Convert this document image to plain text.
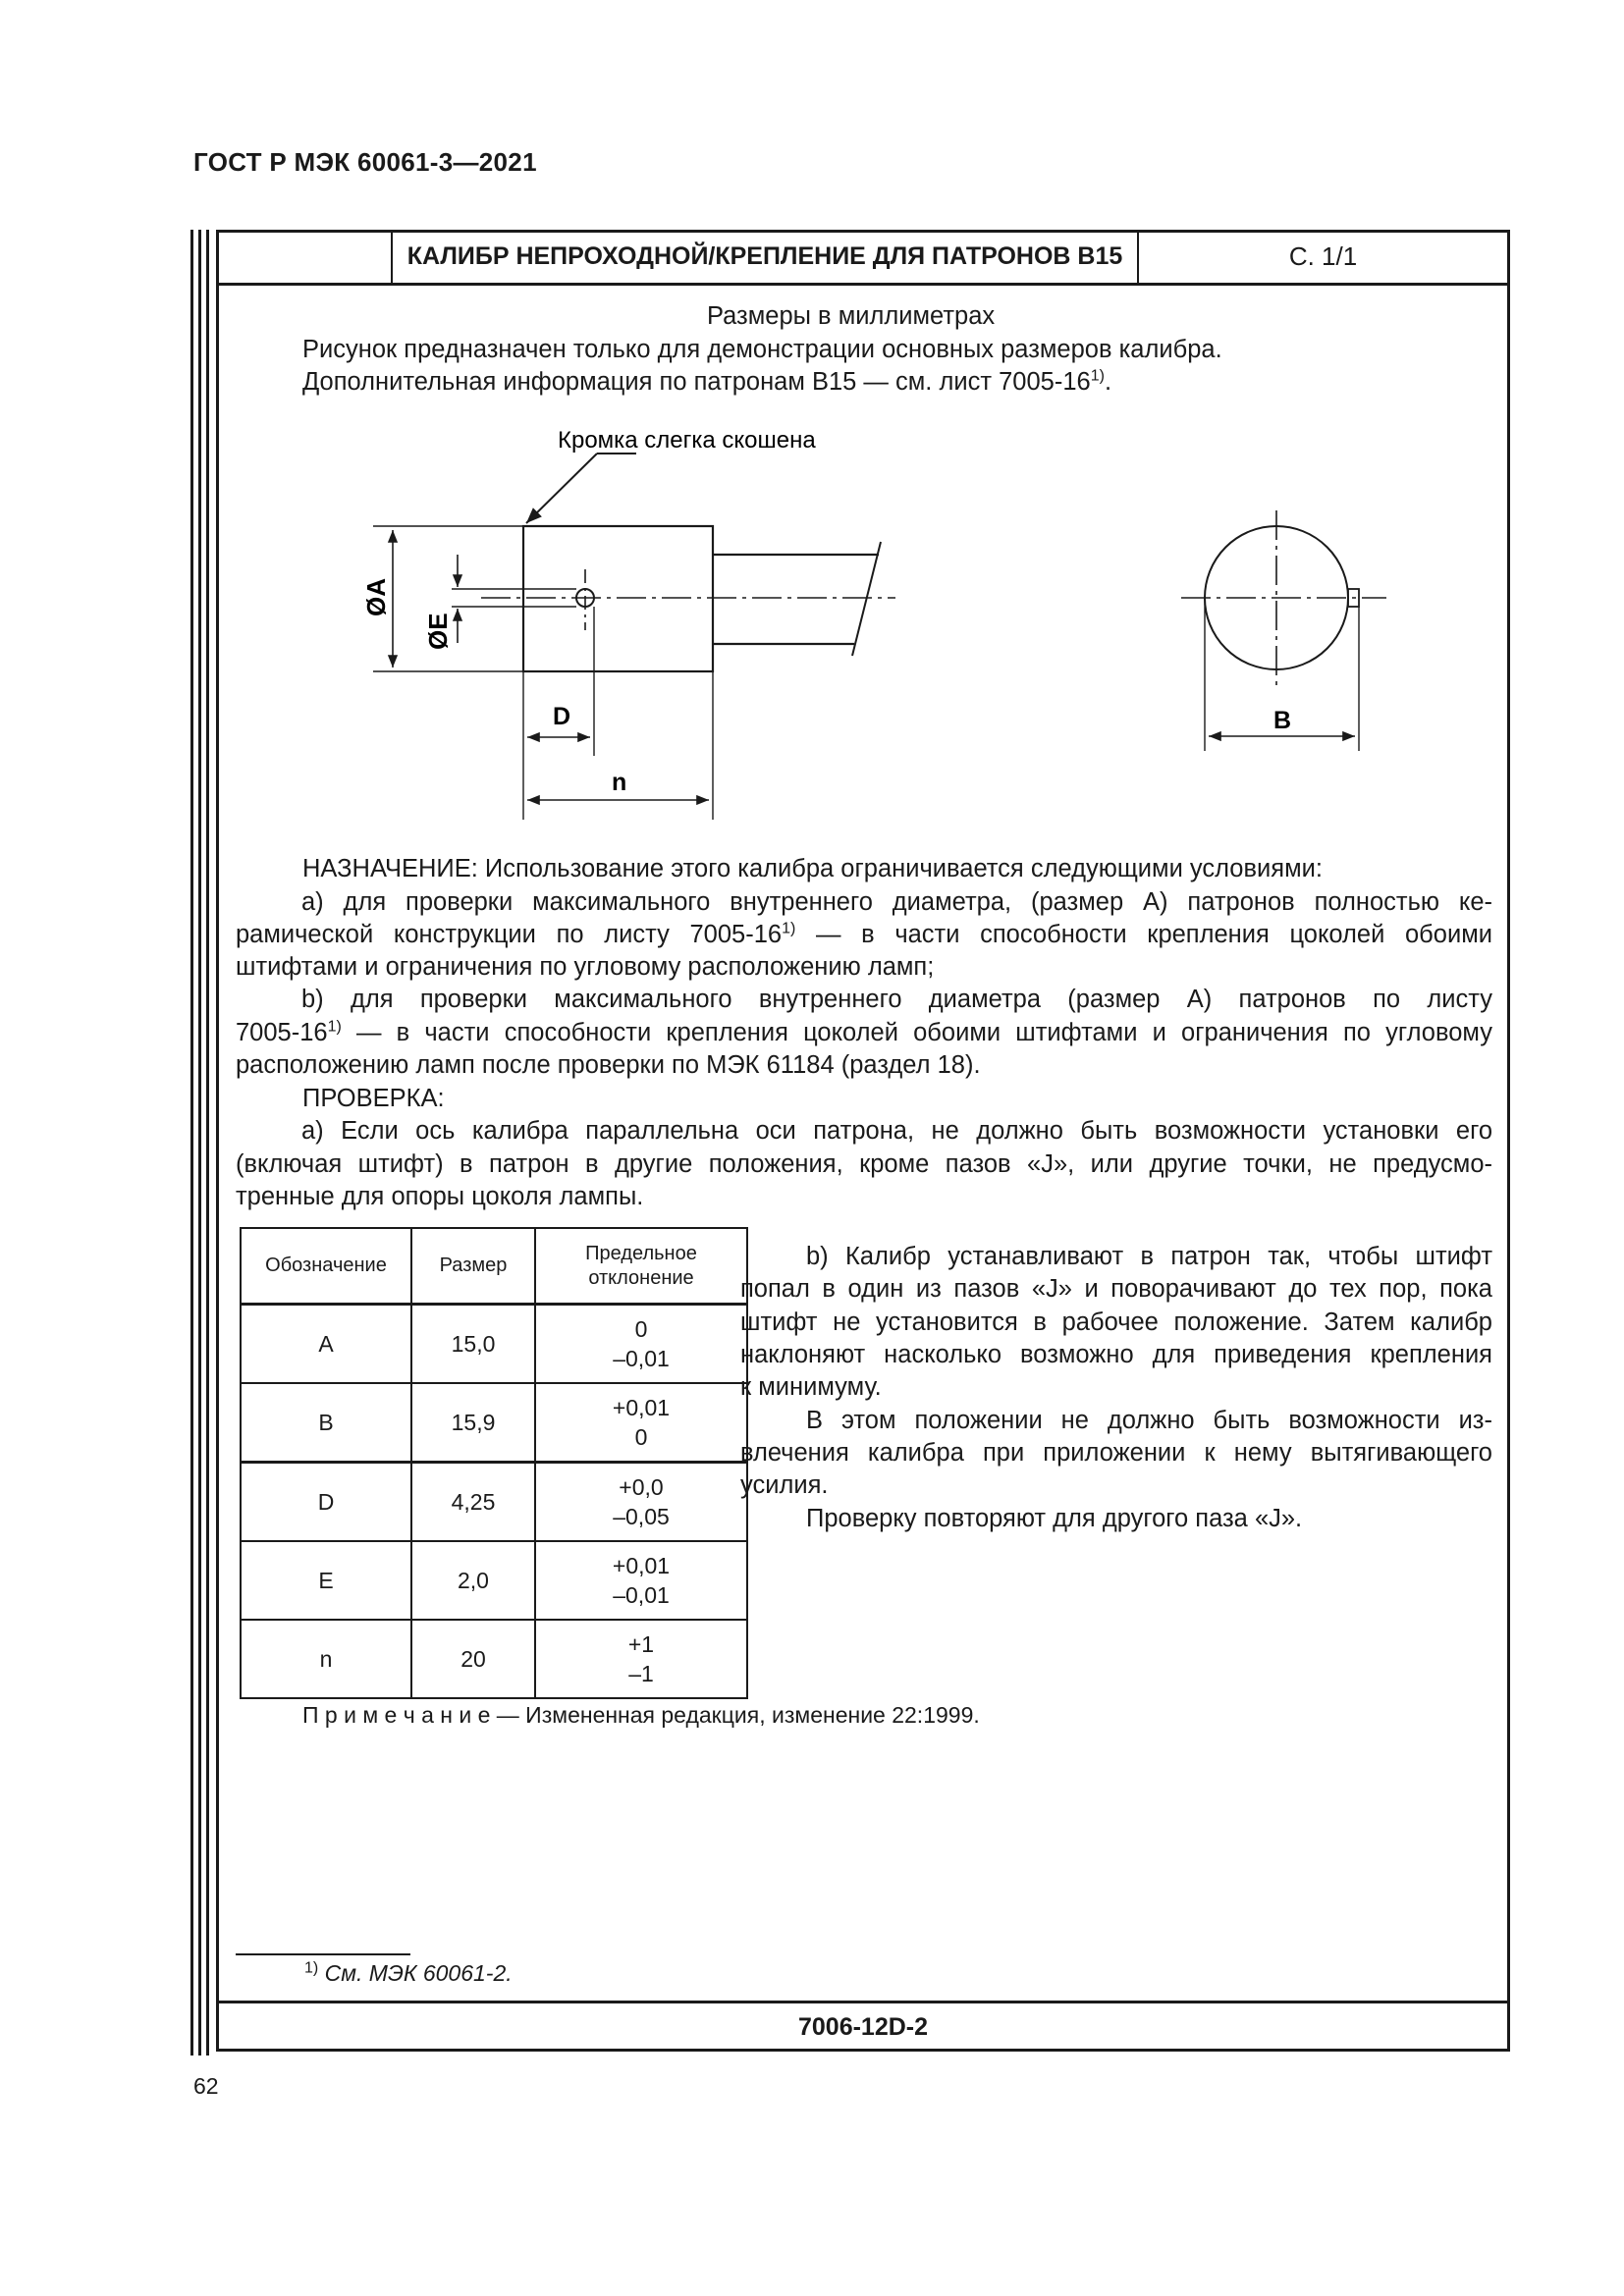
ГОСТ Р МЭК 60061-3—2021
КАЛИБР НЕПРОХОДНОЙ/КРЕПЛЕНИЕ ДЛЯ ПАТРОНОВ B15	С. 1/1
Размеры в миллиметрах
Рисунок предназначен только для демонстрации основных размеров калибра.
Дополнительная информация по патронам B15 — см. лист 7005-16$^{1)}$.
Кромка слегка скошена
ØA
ØE
D
n
B
НАЗНАЧЕНИЕ: Использование этого калибра ограничивается следующими условиями:
а) для проверки максимального внутреннего диаметра, (размер А) патронов полностью ке-
рамической конструкции по листу 7005-16$^{1)}$ — в части способности крепления цоколей обоими
штифтами и ограничения по угловому расположению ламп;
b) для проверки максимального внутреннего диаметра (размер А) патронов по листу
7005-16$^{1)}$ — в части способности крепления цоколей обоими штифтами и ограничения по угловому
расположению ламп после проверки по МЭК 61184 (раздел 18).
ПРОВЕРКА:
а) Если ось калибра параллельна оси патрона, не должно быть возможности установки его
(включая штифт) в патрон в другие положения, кроме пазов «J», или другие точки, не предусмо-
тренные для опоры цоколя лампы.
Обозначение	Размер	Предельное отклонение
A	15,0	0
–0,01

B	15,9	+0,01
0

D	4,25	+0,0
–0,05

E	2,0	+0,01
–0,01

n	20	+1
–1
b) Калибр устанавливают в патрон так, чтобы штифт
попал в один из пазов «J» и поворачивают до тех пор, пока
штифт не установится в рабочее положение. Затем калибр
наклоняют насколько возможно для приведения крепления
к минимуму.
В этом положении не должно быть возможности из-
влечения калибра при приложении к нему вытягивающего
усилия.
Проверку повторяют для другого паза «J».
П р и м е ч а н и е — Измененная редакция, изменение 22:1999.
$^{1)}$ См. МЭК 60061-2.
7006-12D-2
62
